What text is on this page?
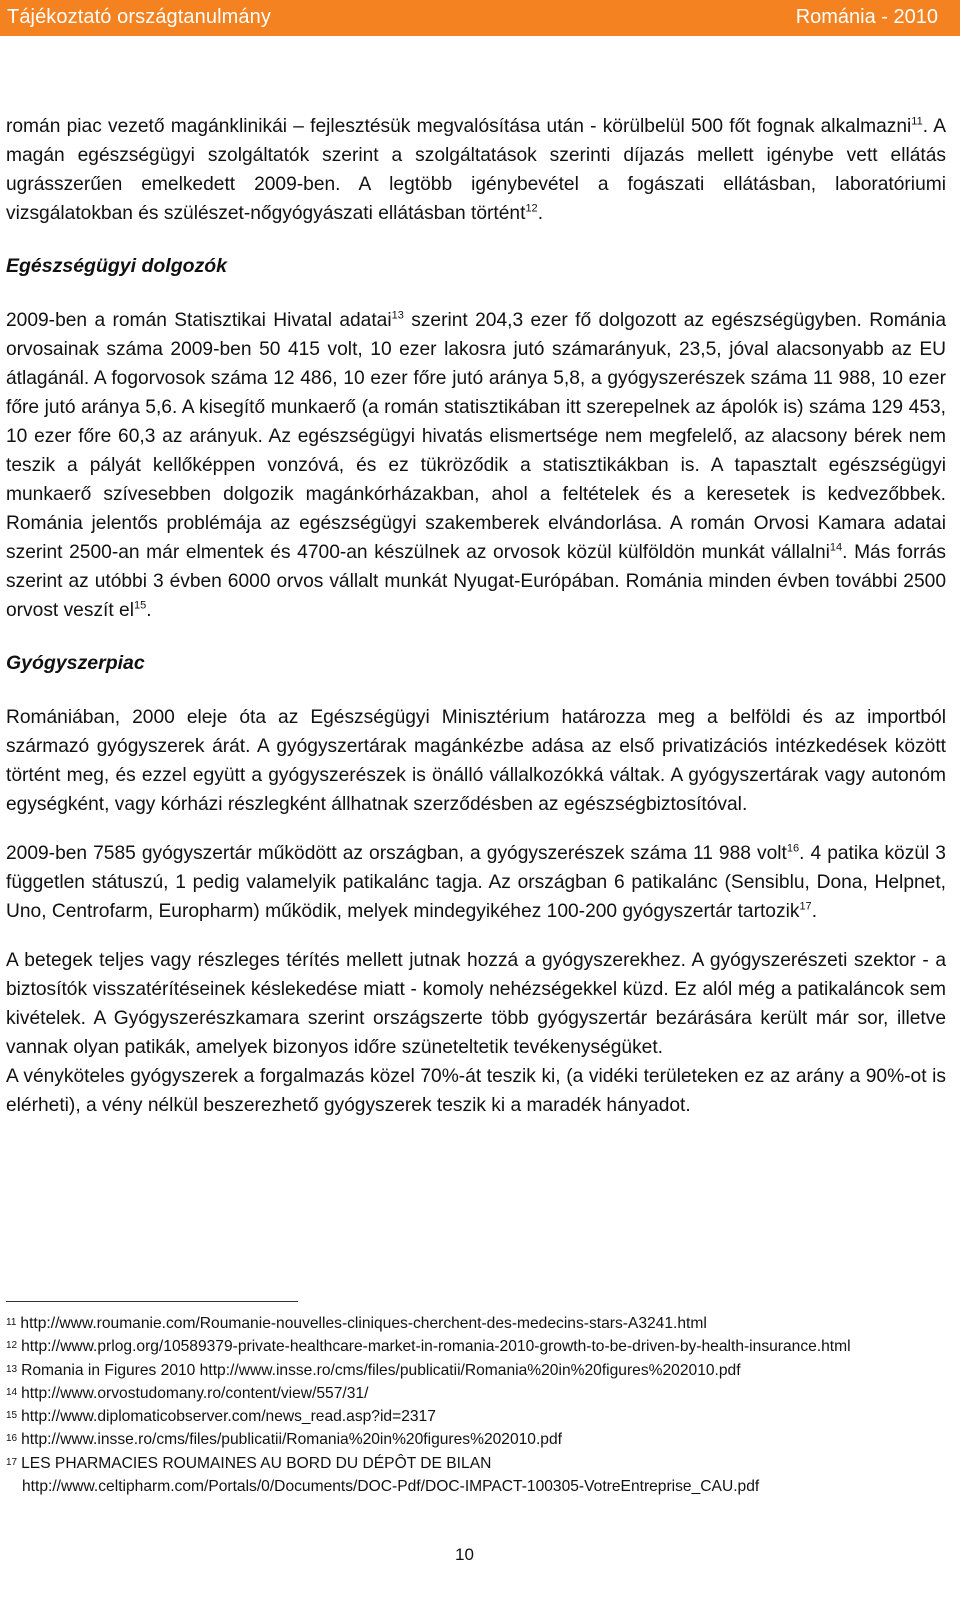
Tájékoztató országtanulmány	Románia - 2010

román piac vezető magánklinikái – fejlesztésük megvalósítása után - körülbelül 500 főt fognak alkalmazni$^{11}$. A magán egészségügyi szolgáltatók szerint a szolgáltatások szerinti díjazás mellett igénybe vett ellátás ugrásszerűen emelkedett 2009-ben. A legtöbb igénybevétel a fogászati ellátásban, laboratóriumi vizsgálatokban és szülészet-nőgyógyászati ellátásban történt$^{12}$.

Egészségügyi dolgozók

2009-ben a román Statisztikai Hivatal adatai$^{13}$ szerint 204,3 ezer fő dolgozott az egészségügyben. Románia orvosainak száma 2009-ben 50 415 volt, 10 ezer lakosra jutó számarányuk, 23,5, jóval alacsonyabb az EU átlagánál. A fogorvosok száma 12 486, 10 ezer főre jutó aránya 5,8, a gyógyszerészek száma 11 988, 10 ezer főre jutó aránya 5,6. A kisegítő munkaerő (a román statisztikában itt szerepelnek az ápolók is) száma 129 453, 10 ezer főre 60,3 az arányuk. Az egészségügyi hivatás elismertsége nem megfelelő, az alacsony bérek nem teszik a pályát kellőképpen vonzóvá, és ez tükröződik a statisztikákban is. A tapasztalt egészségügyi munkaerő szívesebben dolgozik magánkórházakban, ahol a feltételek és a keresetek is kedvezőbbek. Románia jelentős problémája az egészségügyi szakemberek elvándorlása. A román Orvosi Kamara adatai szerint 2500-an már elmentek és 4700-an készülnek az orvosok közül külföldön munkát vállalni$^{14}$. Más forrás szerint az utóbbi 3 évben 6000 orvos vállalt munkát Nyugat-Európában. Románia minden évben további 2500 orvost veszít $el^{15}$.

Gyógyszerpiac

Romániában, 2000 eleje óta az Egészségügyi Minisztérium határozza meg a belföldi és az importból származó gyógyszerek árát. A gyógyszertárak magánkézbe adása az első privatizációs intézkedések között történt meg, és ezzel együtt a gyógyszerészek is önálló vállalkozókká váltak. A gyógyszertárak vagy autonóm egységként, vagy kórházi részlegként állhatnak szerződésben az egészségbiztosítóval.

2009-ben 7585 gyógyszertár működött az országban, a gyógyszerészek száma 11 988 volt$^{16}$. 4 patika közül 3 független státuszú, 1 pedig valamelyik patikalánc tagja. Az országban 6 patikalánc (Sensiblu, Dona, Helpnet, Uno, Centrofarm, Europharm) működik, melyek mindegyikéhez 100-200 gyógyszertár tartozik$^{17}$.

A betegek teljes vagy részleges térítés mellett jutnak hozzá a gyógyszerekhez. A gyógyszerészeti szektor - a biztosítók visszatérítéseinek késlekedése miatt - komoly nehézségekkel küzd. Ez alól még a patikaláncok sem kivételek. A Gyógyszerészkamara szerint országszerte több gyógyszertár bezárására került már sor, illetve vannak olyan patikák, amelyek bizonyos időre szüneteltetik tevékenységüket.

A vényköteles gyógyszerek a forgalmazás közel 70%-át teszik ki, (a vidéki területeken ez az arány a 90%-ot is elérheti), a vény nélkül beszerezhető gyógyszerek teszik ki a maradék hányadot.

$^{11}$ http://www.roumanie.com/Roumanie-nouvelles-cliniques-cherchent-des-medecins-stars-A3241.html
$^{12}$ http://www.prlog.org/10589379-private-healthcare-market-in-romania-2010-growth-to-be-driven-by-health-insurance.html
$^{13}$ Romania in Figures 2010 http://www.insse.ro/cms/files/publicatii/Romania%20in%20figures%202010.pdf
$^{14}$ http://www.orvostudomany.ro/content/view/557/31/
$^{15}$ http://www.diplomaticobserver.com/news_read.asp?id=2317
$^{16}$ http://www.insse.ro/cms/files/publicatii/Romania%20in%20figures%202010.pdf
$^{17}$ LES PHARMACIES ROUMAINES AU BORD DU DÉPÔT DE BILAN
http://www.celtipharm.com/Portals/0/Documents/DOC-Pdf/DOC-IMPACT-100305-VotreEntreprise_CAU.pdf
10
